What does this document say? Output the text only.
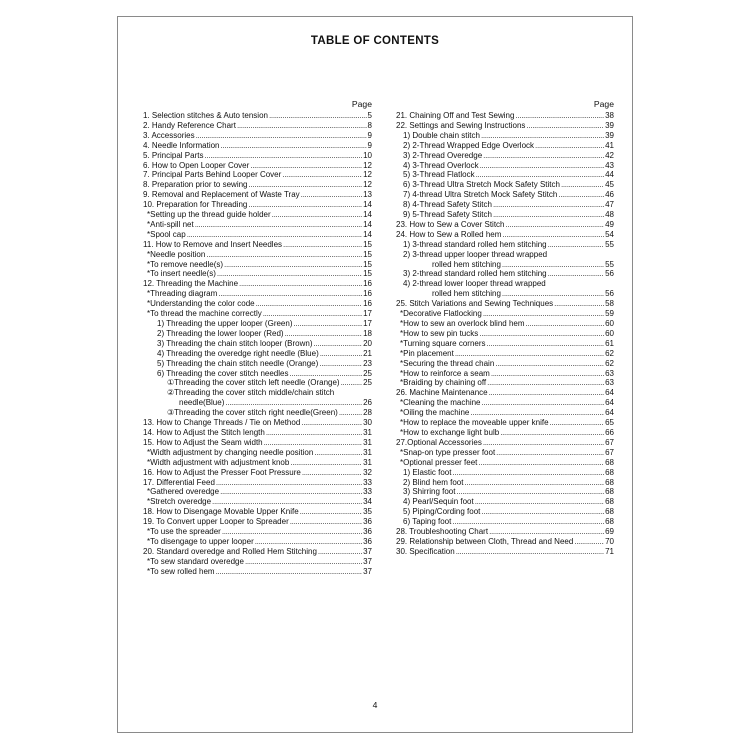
TABLE OF CONTENTS
Page
1. Selection stitches & Auto tension .....	5
2. Handy Reference Chart .....	8
3. Accessories .....	9
4. Needle Information .....	9
5. Principal Parts .....	10
6. How to Open Looper Cover .....	12
7. Principal Parts Behind Looper Cover .....	12
8. Preparation prior to sewing .....	12
9. Removal and Replacement of Waste Tray .....	13
10. Preparation for Threading .....	14
*Setting up the thread guide holder .....	14
*Anti-spill net .....	14
*Spool cap .....	14
11. How to Remove and Insert Needles .....	15
*Needle position .....	15
*To remove needle(s) .....	15
*To insert needle(s) .....	15
12. Threading the Machine .....	16
*Threading diagram .....	16
*Understanding the color code .....	16
*To thread the machine correctly .....	17
1) Threading the upper looper (Green) .....	17
2) Threading the lower looper (Red) .....	18
3) Threading the chain stitch looper (Brown) .....	20
4) Threading the overedge right needle (Blue) .....	21
5) Threading the chain stitch needle (Orange) .....	23
6) Threading the cover stitch needles .....	25
①Threading the cover stitch left needle (Orange) .....	25
②Threading the cover stitch middle/chain stitch
needle(Blue) .....	26
③Threading the cover stitch right needle(Green) .....	28
13. How to Change Threads / Tie on Method .....	30
14. How to Adjust the Stitch length .....	31
15. How to Adjust the Seam width .....	31
*Width adjustment by changing needle position .....	31
*Width adjustment with adjustment knob .....	31
16. How to Adjust the Presser Foot Pressure .....	32
17. Differential Feed .....	33
*Gathered overedge .....	33
*Stretch overedge .....	34
18. How to Disengage Movable Upper Knife .....	35
19. To Convert upper Looper to Spreader .....	36
*To use the spreader .....	36
*To disengage to upper looper .....	36
20. Standard overedge and Rolled Hem Stitching .....	37
*To sew standard overedge .....	37
*To sew rolled hem .....	37
Page
21. Chaining Off and Test Sewing .....	38
22. Settings and Sewing Instructions .....	39
1) Double chain stitch .....	39
2) 2-Thread Wrapped Edge Overlock .....	41
3) 2-Thread Overedge .....	42
4) 3-Thread Overlock .....	43
5) 3-Thread Flatlock .....	44
6) 3-Thread Ultra Stretch Mock Safety Stitch .....	45
7) 4-thread Ultra Stretch Mock Safety Stitch .....	46
8) 4-Thread Safety Stitch .....	47
9) 5-Thread Safety Stitch .....	48
23. How to Sew a Cover Stitch .....	49
24. How to Sew a Rolled hem .....	54
1) 3-thread standard rolled hem stitching .....	55
2) 3-thread upper looper thread wrapped
rolled hem stitching .....	55
3) 2-thread standard rolled hem stitching .....	56
4) 2-thread lower looper thread wrapped
rolled hem stitching .....	56
25. Stitch Variations and Sewing Techniques .....	58
*Decorative Flatlocking .....	59
*How to sew an overlock blind hem .....	60
*How to sew pin tucks .....	60
*Turning square corners .....	61
*Pin placement .....	62
*Securing the thread chain .....	62
*How to reinforce a seam .....	63
*Braiding by chaining off .....	63
26. Machine Maintenance .....	64
*Cleaning the machine .....	64
*Oiling the machine .....	64
*How to replace the moveable upper knife .....	65
*How to exchange light bulb .....	66
27.Optional Accessories .....	67
*Snap-on type presser foot .....	67
*Optional presser feet .....	68
1) Elastic foot .....	68
2) Blind hem foot .....	68
3) Shirring foot .....	68
4) Pearl/Sequin foot .....	68
5) Piping/Cording foot .....	68
6) Taping foot .....	68
28. Troubleshooting Chart .....	69
29. Relationship between Cloth, Thread and Need .....	70
30. Specification .....	71
4
